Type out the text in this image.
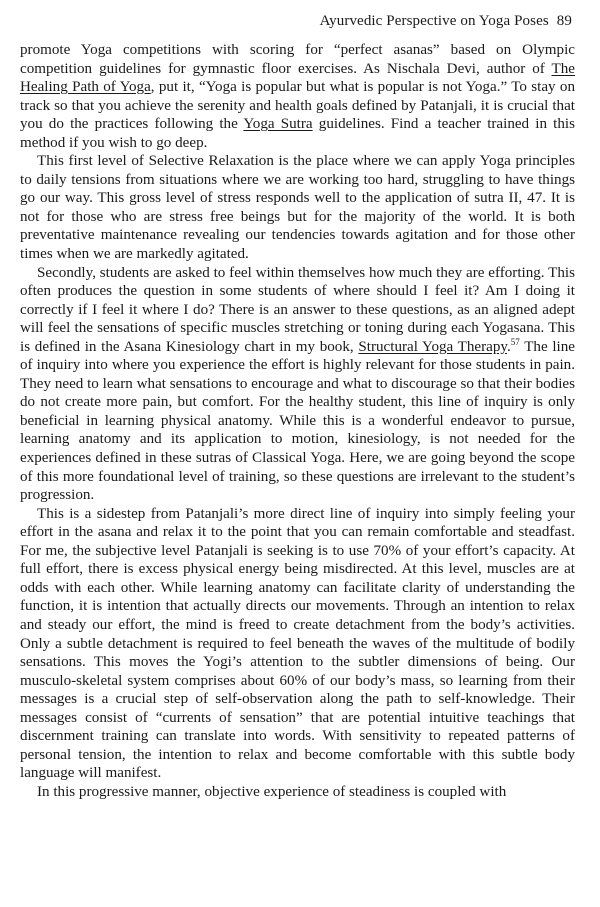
Ayurvedic Perspective on Yoga Poses 89

promote Yoga competitions with scoring for “perfect asanas” based on Olympic competition guidelines for gymnastic floor exercises. As Nischala Devi, author of The Healing Path of Yoga, put it, “Yoga is popular but what is popular is not Yoga.” To stay on track so that you achieve the serenity and health goals defined by Patanjali, it is crucial that you do the practices following the Yoga Sutra guidelines. Find a teacher trained in this method if you wish to go deep.

This first level of Selective Relaxation is the place where we can apply Yoga principles to daily tensions from situations where we are working too hard, struggling to have things go our way. This gross level of stress responds well to the application of sutra II, 47. It is not for those who are stress free beings but for the majority of the world. It is both preventative maintenance revealing our tendencies towards agitation and for those other times when we are markedly agitated.

Secondly, students are asked to feel within themselves how much they are efforting. This often produces the question in some students of where should I feel it? Am I doing it correctly if I feel it where I do? There is an answer to these questions, as an aligned adept will feel the sensations of specific muscles stretching or toning during each Yogasana. This is defined in the Asana Kinesiology chart in my book, Structural Yoga Therapy.$^{57}$ The line of inquiry into where you experience the effort is highly relevant for those students in pain. They need to learn what sensations to encourage and what to discourage so that their bodies do not create more pain, but comfort. For the healthy student, this line of inquiry is only beneficial in learning physical anatomy. While this is a wonderful endeavor to pursue, learning anatomy and its application to motion, kinesiology, is not needed for the experiences defined in these sutras of Classical Yoga. Here, we are going beyond the scope of this more foundational level of training, so these questions are irrelevant to the student’s progression.

This is a sidestep from Patanjali’s more direct line of inquiry into simply feeling your effort in the asana and relax it to the point that you can remain comfortable and steadfast. For me, the subjective level Patanjali is seeking is to use 70% of your effort’s capacity. At full effort, there is excess physical energy being misdirected. At this level, muscles are at odds with each other. While learning anatomy can facilitate clarity of understanding the function, it is intention that actually directs our movements. Through an intention to relax and steady our effort, the mind is freed to create detachment from the body’s activities. Only a subtle detachment is required to feel beneath the waves of the multitude of bodily sensations. This moves the Yogi’s attention to the subtler dimensions of being. Our musculo-skeletal system comprises about 60% of our body’s mass, so learning from their messages is a crucial step of self-observation along the path to self-knowledge. Their messages consist of “currents of sensation” that are potential intuitive teachings that discernment training can translate into words. With sensitivity to repeated patterns of personal tension, the intention to relax and become comfortable with this subtle body language will manifest.

In this progressive manner, objective experience of steadiness is coupled with
